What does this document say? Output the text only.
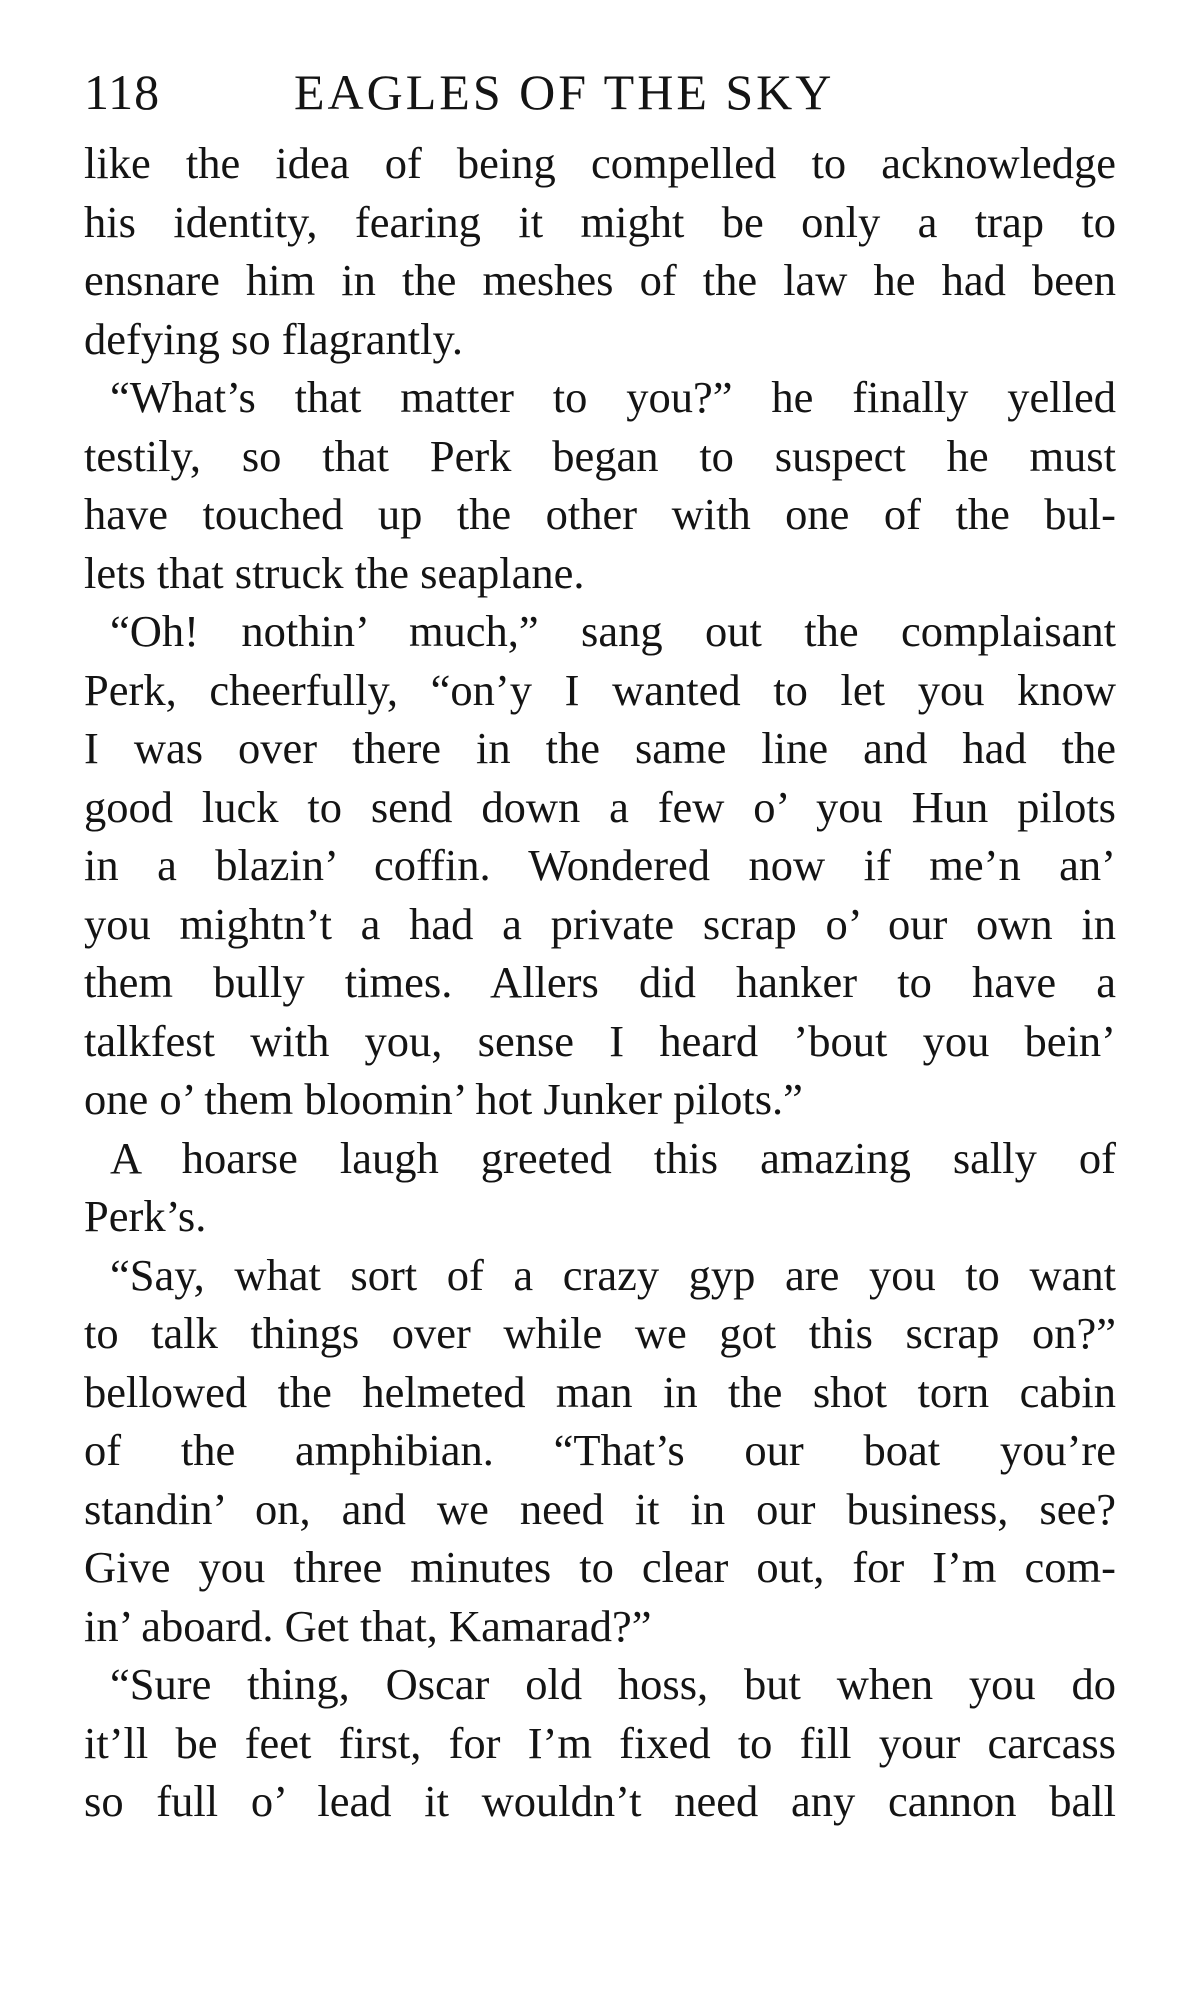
118	EAGLES OF THE SKY

like the idea of being compelled to acknowledge

his identity, fearing it might be only a trap to

ensnare him in the meshes of the law he had been

defying so flagrantly.

“What’s that matter to you?” he finally yelled

testily, so that Perk began to suspect he must

have touched up the other with one of the bul-

lets that struck the seaplane.

“Oh! nothin’ much,” sang out the complaisant

Perk, cheerfully, “on’y I wanted to let you know

I was over there in the same line and had the

good luck to send down a few o’ you Hun pilots

in a blazin’ coffin. Wondered now if me’n an’

you mightn’t a had a private scrap o’ our own in

them bully times. Allers did hanker to have a

talkfest with you, sense I heard ’bout you bein’

one o’ them bloomin’ hot Junker pilots.”

A hoarse laugh greeted this amazing sally of

Perk’s.

“Say, what sort of a crazy gyp are you to want

to talk things over while we got this scrap on?”

bellowed the helmeted man in the shot torn cabin

of the amphibian. “That’s our boat you’re

standin’ on, and we need it in our business, see?

Give you three minutes to clear out, for I’m com-

in’ aboard. Get that, Kamarad?”

“Sure thing, Oscar old hoss, but when you do

it’ll be feet first, for I’m fixed to fill your carcass

so full o’ lead it wouldn’t need any cannon ball
